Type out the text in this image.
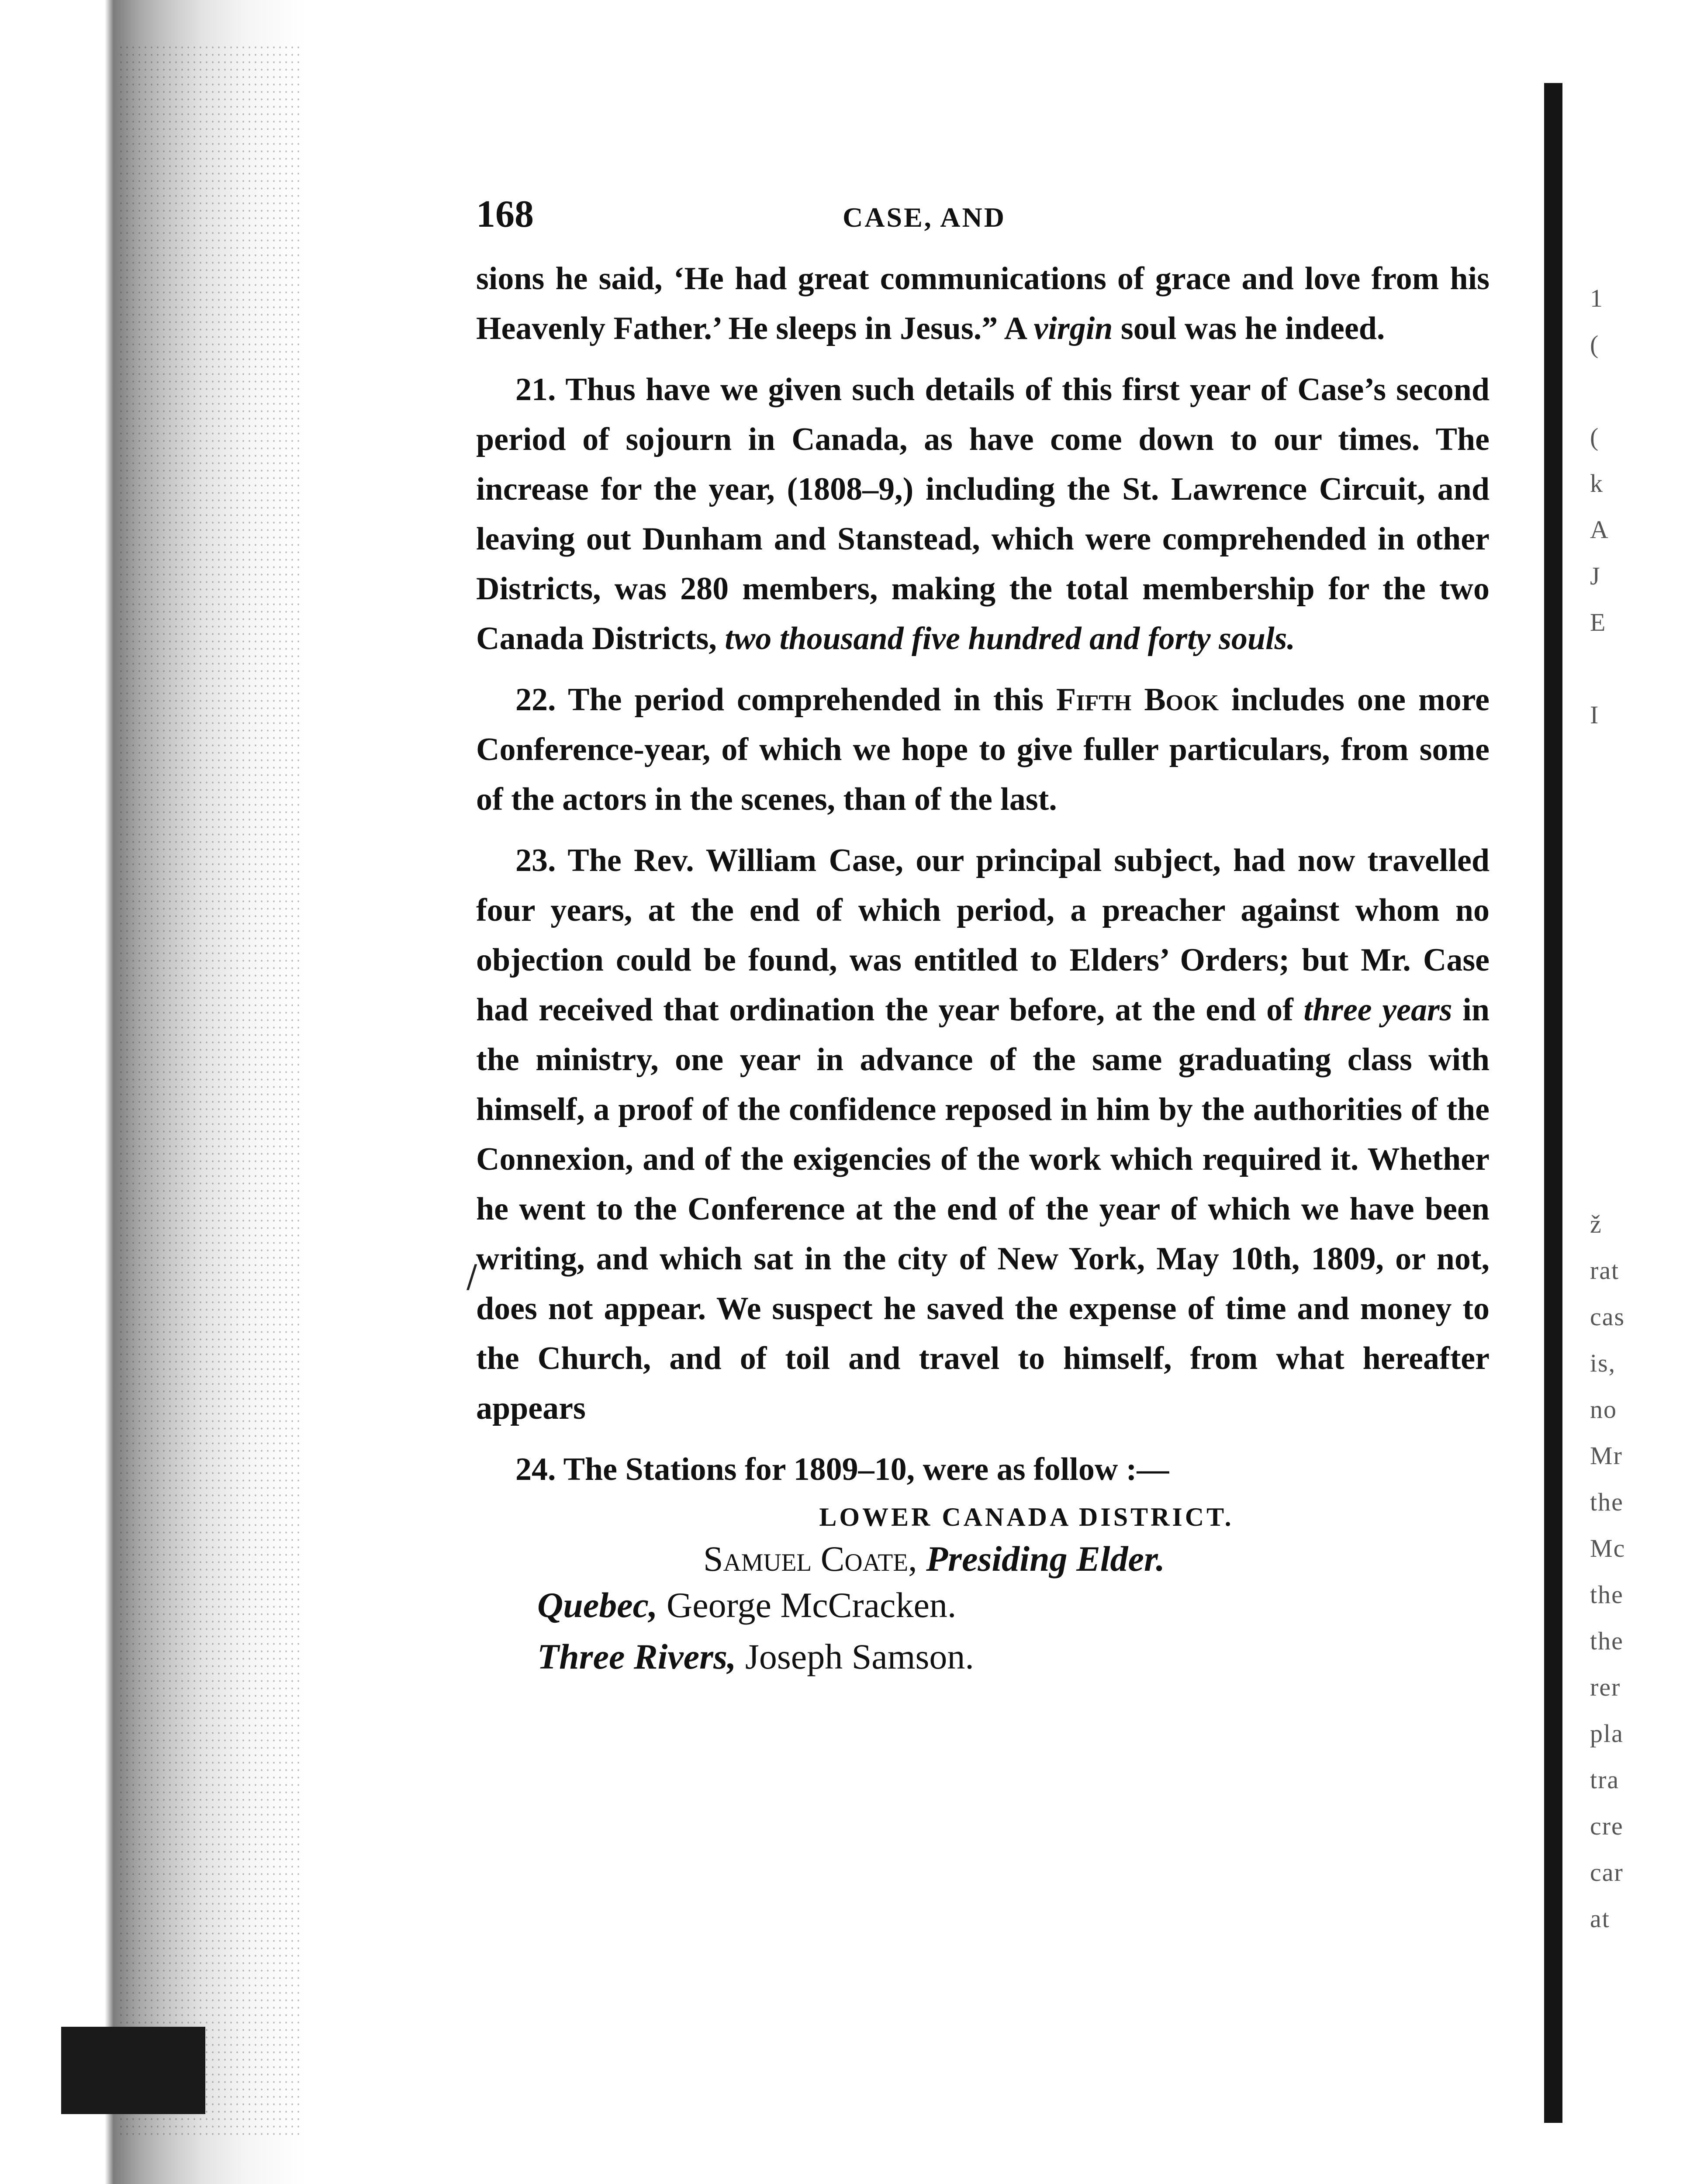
1
(
(
k
A
J
E
I
ž
rat
cas
is,
no
Mr
the
Mc
the
the
rer
pla
tra
cre
car
at
/
168	CASE, AND

sions he said, ‘He had great communications of grace and love from his Heavenly Father.’ He sleeps in Jesus.” A virgin soul was he indeed.

21. Thus have we given such details of this first year of Case’s second period of sojourn in Canada, as have come down to our times. The increase for the year, (1808–9,) including the St. Lawrence Circuit, and leaving out Dunham and Stanstead, which were comprehended in other Districts, was 280 members, making the total membership for the two Canada Districts, two thousand five hundred and forty souls.

22. The period comprehended in this Fifth Book includes one more Conference-year, of which we hope to give fuller particulars, from some of the actors in the scenes, than of the last.

23. The Rev. William Case, our principal subject, had now travelled four years, at the end of which period, a preacher against whom no objection could be found, was entitled to Elders’ Orders; but Mr. Case had received that ordination the year before, at the end of three years in the ministry, one year in advance of the same graduating class with himself, a proof of the confidence reposed in him by the authorities of the Connexion, and of the exigencies of the work which required it. Whether he went to the Conference at the end of the year of which we have been writing, and which sat in the city of New York, May 10th, 1809, or not, does not appear. We suspect he saved the expense of time and money to the Church, and of toil and travel to himself, from what hereafter appears

24. The Stations for 1809–10, were as follow :—

LOWER CANADA DISTRICT.
Samuel Coate, Presiding Elder.
Quebec, George McCracken.
Three Rivers, Joseph Samson.
